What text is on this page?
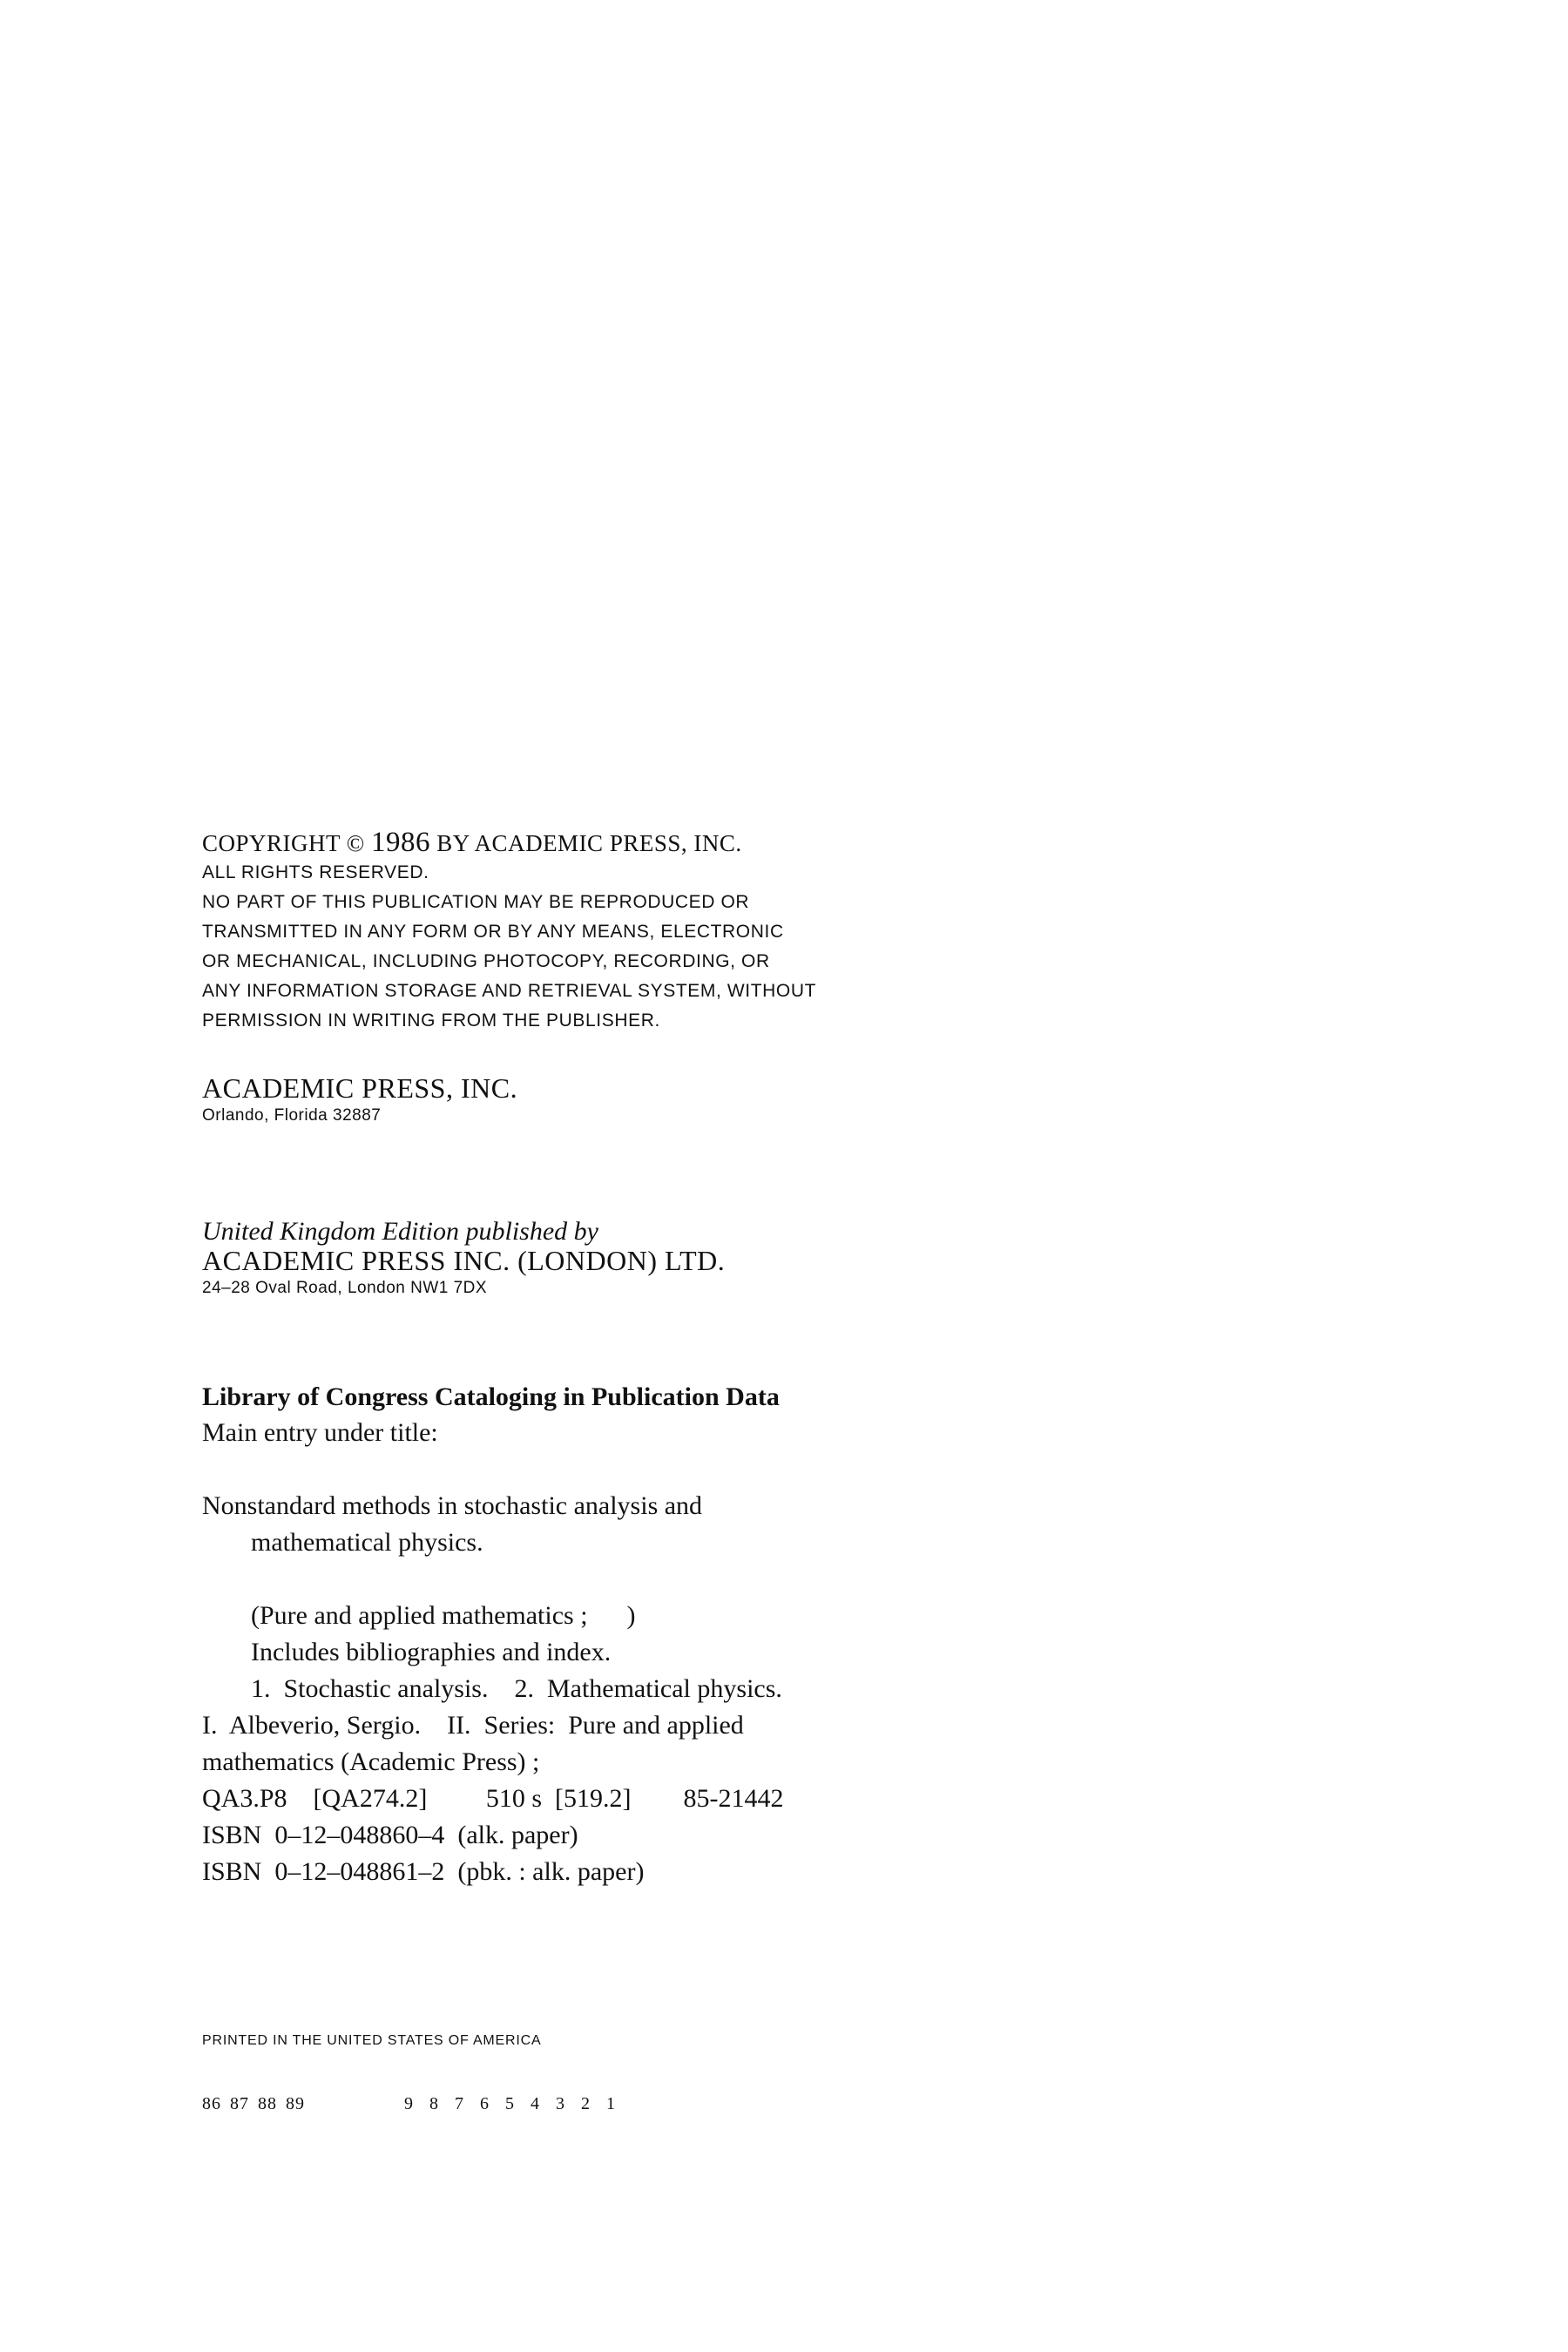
COPYRIGHT © 1986 BY ACADEMIC PRESS, INC.
ALL RIGHTS RESERVED.
NO PART OF THIS PUBLICATION MAY BE REPRODUCED OR
TRANSMITTED IN ANY FORM OR BY ANY MEANS, ELECTRONIC
OR MECHANICAL, INCLUDING PHOTOCOPY, RECORDING, OR
ANY INFORMATION STORAGE AND RETRIEVAL SYSTEM, WITHOUT
PERMISSION IN WRITING FROM THE PUBLISHER.
ACADEMIC PRESS, INC.
Orlando, Florida 32887
United Kingdom Edition published by
ACADEMIC PRESS INC. (LONDON) LTD.
24–28 Oval Road, London NW1 7DX
Library of Congress Cataloging in Publication Data
Main entry under title:
Nonstandard methods in stochastic analysis and
mathematical physics.
(Pure and applied mathematics ;      )
Includes bibliographies and index.
1.  Stochastic analysis.    2.  Mathematical physics.
I.  Albeverio, Sergio.    II.  Series:  Pure and applied
mathematics (Academic Press) ;
QA3.P8    [QA274.2]         510 s  [519.2]        85-21442
ISBN  0–12–048860–4  (alk. paper)
ISBN  0–12–048861–2  (pbk. : alk. paper)
PRINTED IN THE UNITED STATES OF AMERICA
86 87 88 89	9 8 7 6 5 4 3 2 1
